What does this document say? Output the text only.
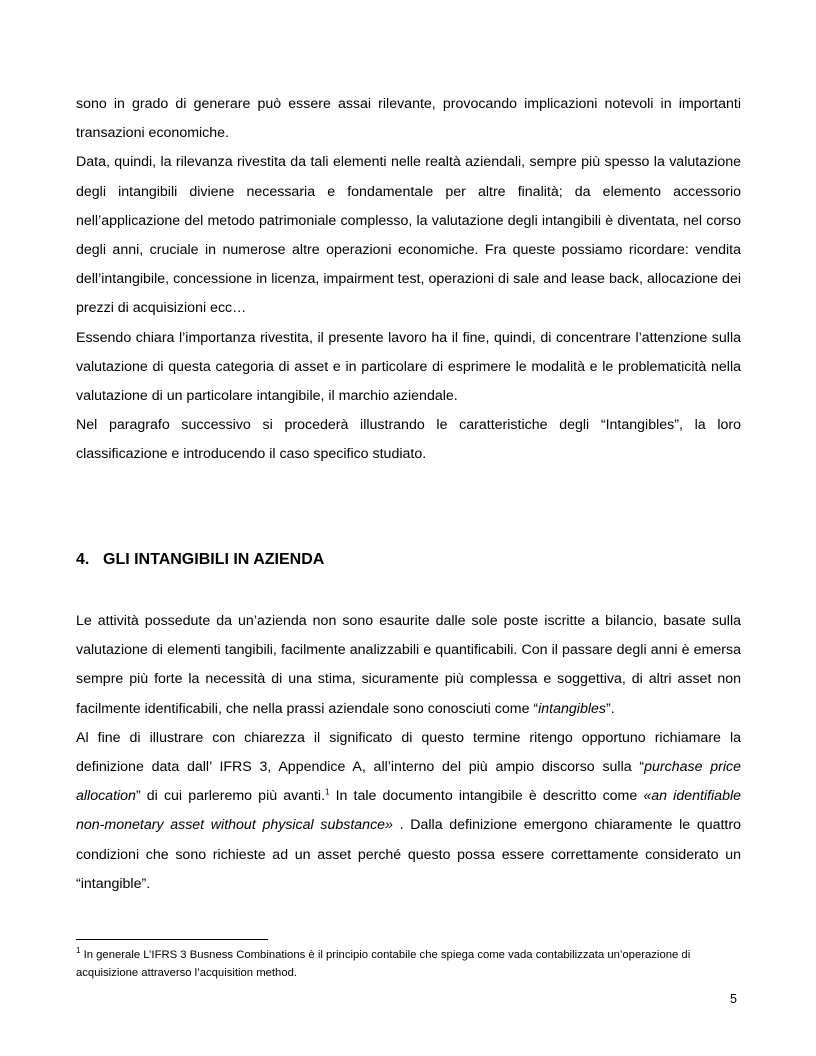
sono in grado di generare può essere assai rilevante, provocando implicazioni notevoli in importanti transazioni economiche.

Data, quindi, la rilevanza rivestita da tali elementi nelle realtà aziendali, sempre più spesso la valutazione degli intangibili diviene necessaria e fondamentale per altre finalità; da elemento accessorio nell’applicazione del metodo patrimoniale complesso, la valutazione degli intangibili è diventata, nel corso degli anni, cruciale in numerose altre operazioni economiche. Fra queste possiamo ricordare: vendita dell’intangibile, concessione in licenza, impairment test, operazioni di sale and lease back, allocazione dei prezzi di acquisizioni ecc…

Essendo chiara l’importanza rivestita, il presente lavoro ha il fine, quindi, di concentrare l’attenzione sulla valutazione di questa categoria di asset e in particolare di esprimere le modalità e le problematicità nella valutazione di un particolare intangibile, il marchio aziendale.

Nel paragrafo successivo si procederà illustrando le caratteristiche degli “Intangibles”, la loro classificazione e introducendo il caso specifico studiato.

4. GLI INTANGIBILI IN AZIENDA

Le attività possedute da un’azienda non sono esaurite dalle sole poste iscritte a bilancio, basate sulla valutazione di elementi tangibili, facilmente analizzabili e quantificabili. Con il passare degli anni è emersa sempre più forte la necessità di una stima, sicuramente più complessa e soggettiva, di altri asset non facilmente identificabili, che nella prassi aziendale sono conosciuti come “intangibles”.

Al fine di illustrare con chiarezza il significato di questo termine ritengo opportuno richiamare la definizione data dall’ IFRS 3, Appendice A, all’interno del più ampio discorso sulla “purchase price allocation” di cui parleremo più avanti.$^1$ In tale documento intangibile è descritto come «an identifiable non-monetary asset without physical substance» . Dalla definizione emergono chiaramente le quattro condizioni che sono richieste ad un asset perché questo possa essere correttamente considerato un “intangible”.

$^1$ In generale L’IFRS 3 Busness Combinations è il principio contabile che spiega come vada contabilizzata un’operazione di acquisizione attraverso l’acquisition method.

5
